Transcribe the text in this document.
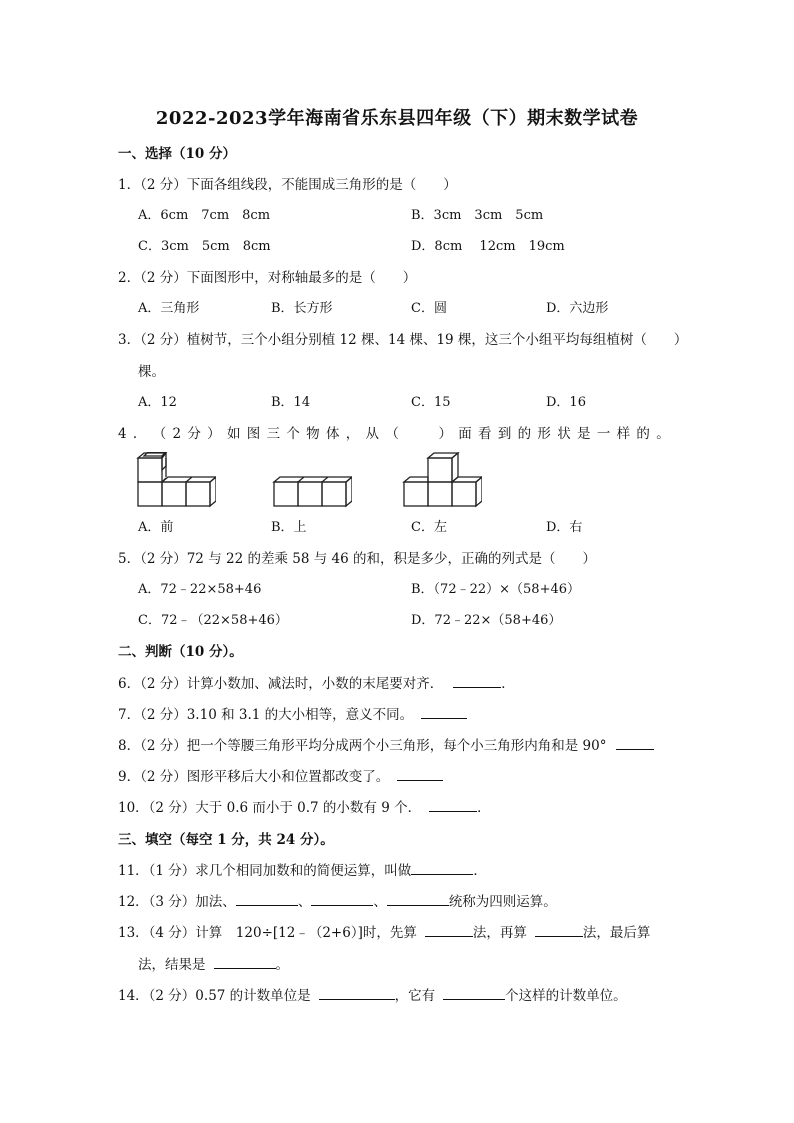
2022-2023学年海南省乐东县四年级（下）期末数学试卷
一、选择（10 分）
1．（2 分）下面各组线段，不能围成三角形的是（　　）
A．6cm　7cm　8cm	B．3cm　3cm　5cm
C．3cm　5cm　8cm	D．8cm　 12cm　19cm
2．（2 分）下面图形中，对称轴最多的是（　　）
A．三角形	B．长方形	C．圆	D．六边形
3．（2 分）植树节，三个小组分别植 12 棵、14 棵、19 棵，这三个小组平均每组植树（　　）
棵。
A．12	B．14	C．15	D．16
4 ． （ 2 分 ） 如 图 三 个 物 体 ， 从 （
　　	） 面 看 到 的 形 状 是 一 样 的 。
A．前	B．上	C．左	D．右
5．（2 分）72 与 22 的差乘 58 与 46 的和，积是多少，正确的列式是（　　）
A．72﹣22×58+46	B．（72﹣22）×（58+46）
C．72﹣（22×58+46）	D．72﹣22×（58+46）
二、判断（10 分）。
6．（2 分）计算小数加、减法时，小数的末尾要对齐．	．
7．（2 分）3.10 和 3.1 的大小相等，意义不同。
8．（2 分）把一个等腰三角形平均分成两个小三角形，每个小三角形内角和是 90°
9．（2 分）图形平移后大小和位置都改变了。
10．（2 分）大于 0.6 而小于 0.7 的小数有 9 个．	．
三、填空（每空 1 分，共 24 分）。
11．（1 分）求几个相同加数和的简便运算，叫做	．
12．（3 分）加法、	、	、	统称为四则运算。
13．（4 分）计算　120÷[12﹣（2+6）]时，先算	法，再算	法，最后算
法，结果是	。
14．（2 分）0.57 的计数单位是	，它有	个这样的计数单位。
